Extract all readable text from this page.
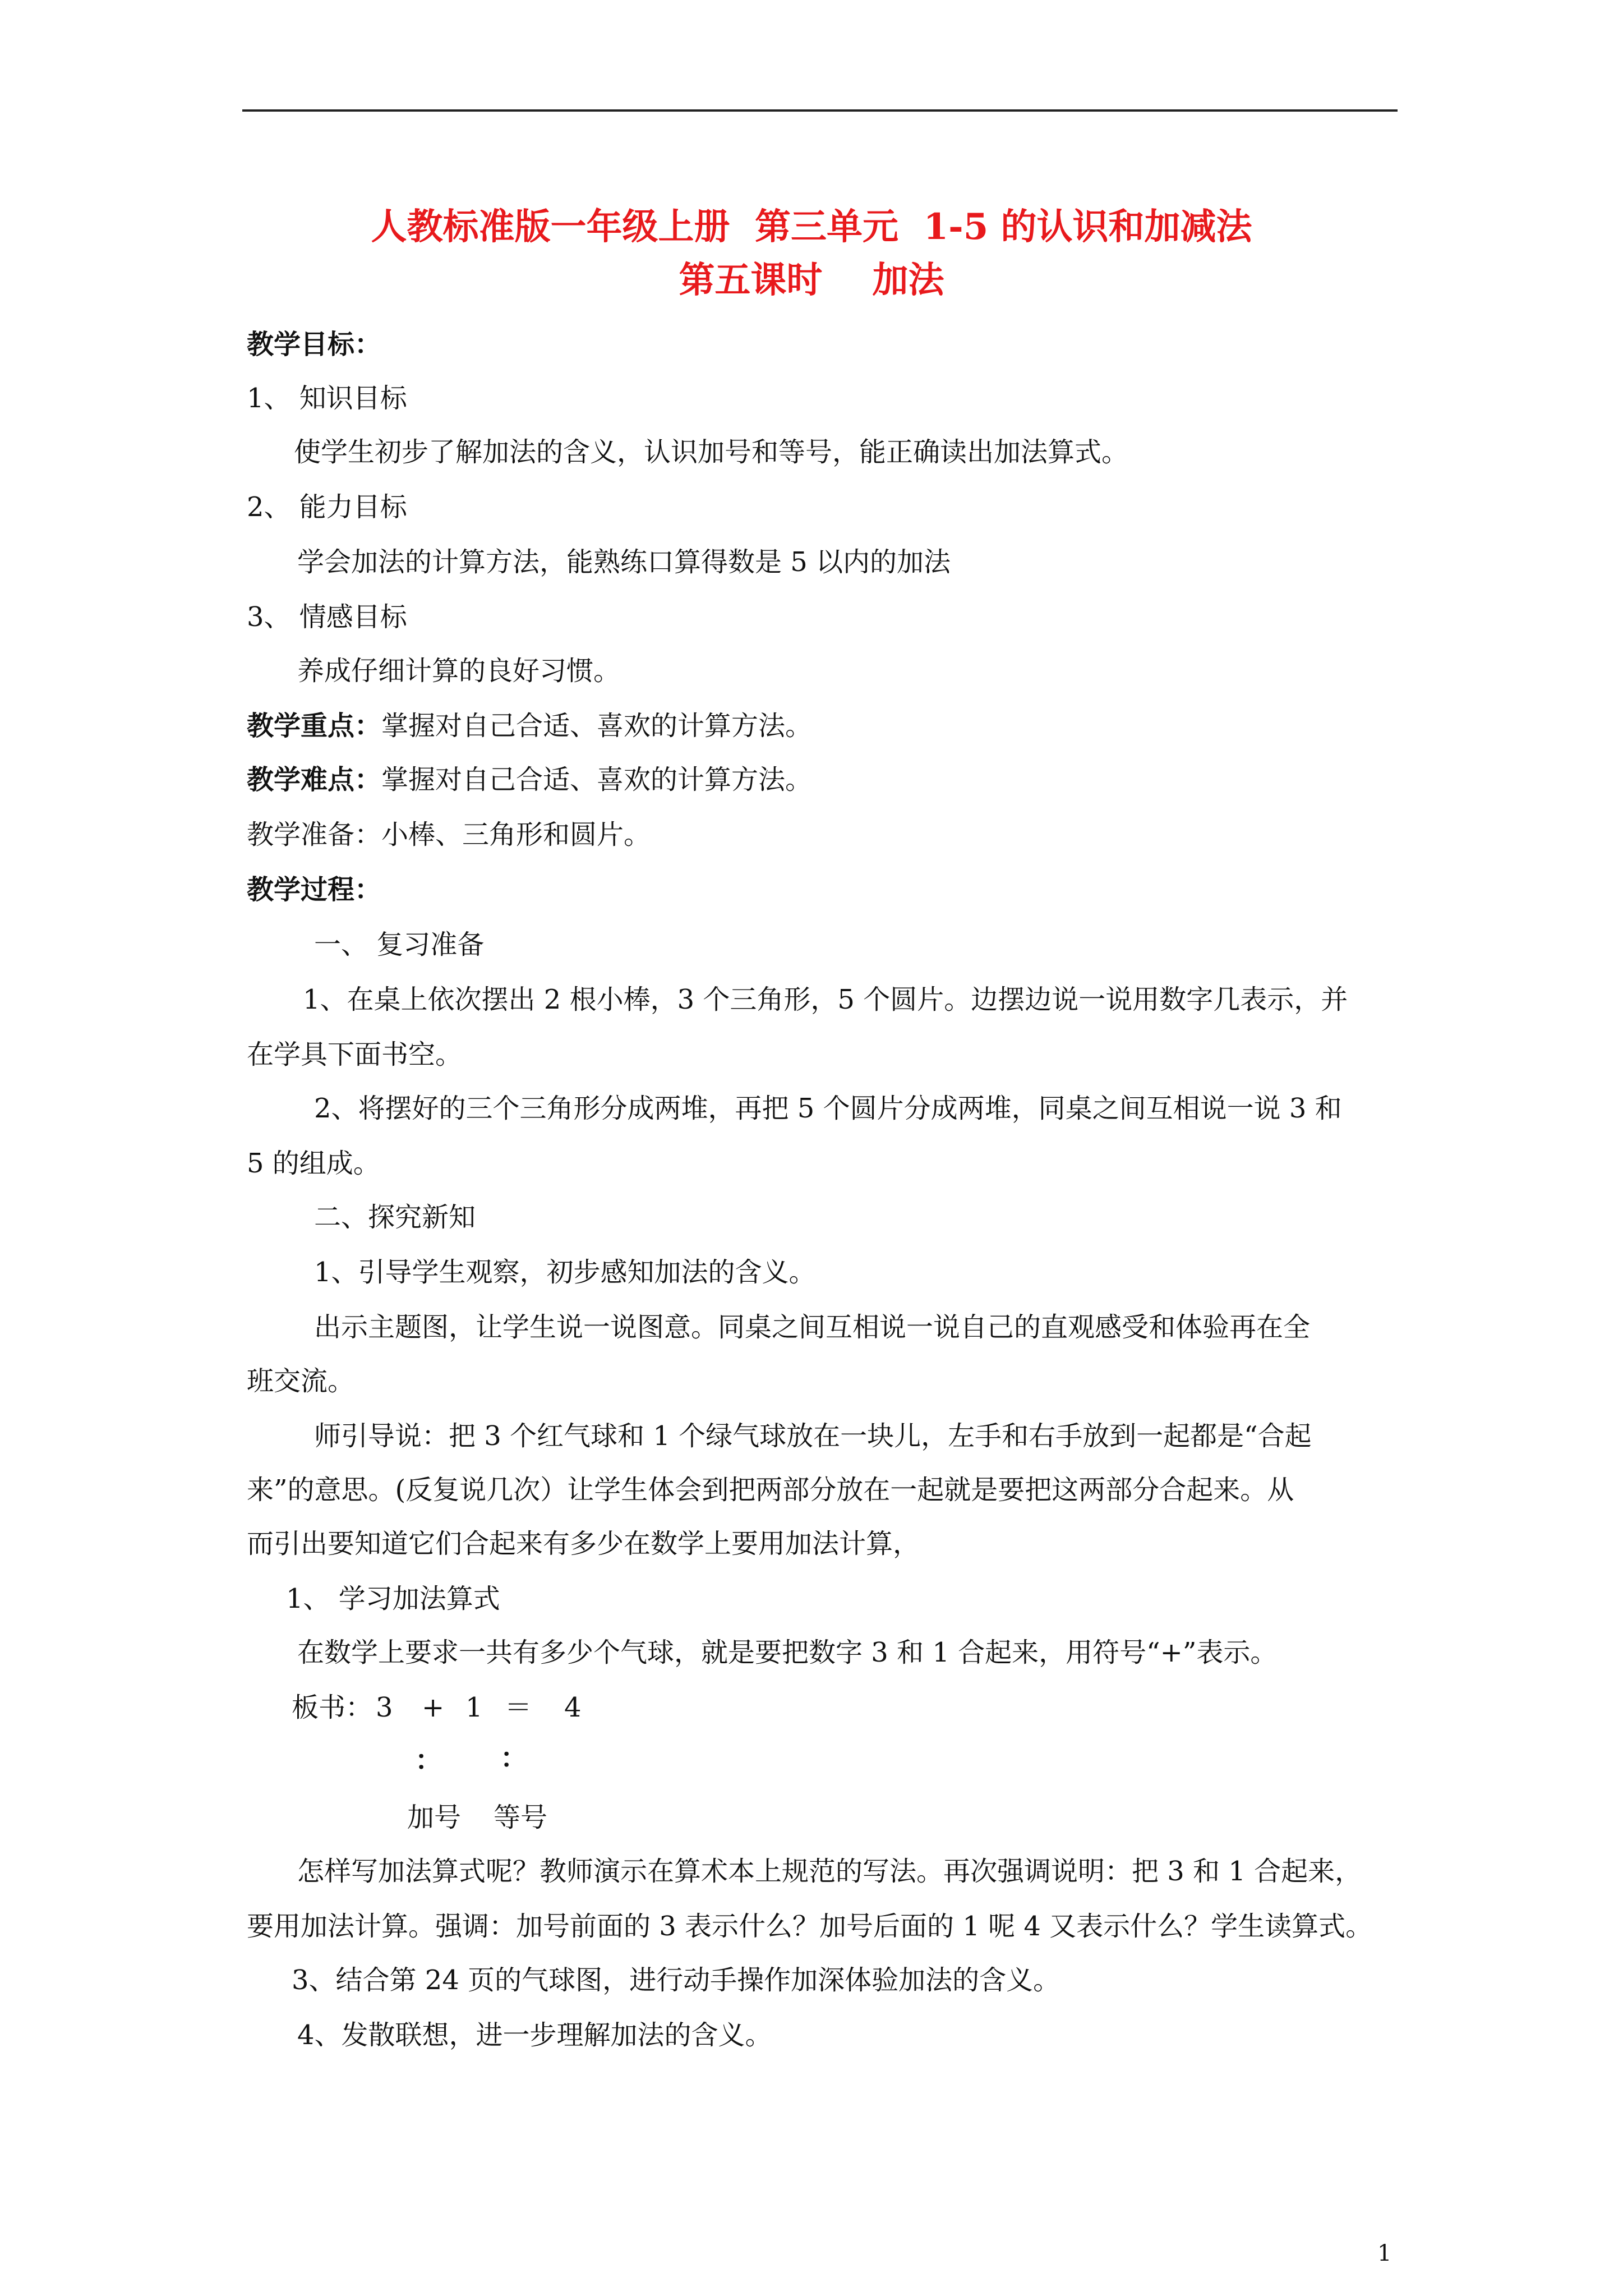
人教标准版一年级上册  第三单元  1-5 的认识和加减法
第五课时    加法
教学目标：
1、 知识目标
使学生初步了解加法的含义，认识加号和等号，能正确读出加法算式。
2、 能力目标
学会加法的计算方法，能熟练口算得数是 5 以内的加法
3、 情感目标
养成仔细计算的良好习惯。
教学重点：掌握对自己合适、喜欢的计算方法。
教学难点：掌握对自己合适、喜欢的计算方法。
教学准备：小棒、三角形和圆片。
教学过程：
一、 复习准备
1、在桌上依次摆出 2 根小棒，3 个三角形，5 个圆片。边摆边说一说用数字几表示，并
在学具下面书空。
2、将摆好的三个三角形分成两堆，再把 5 个圆片分成两堆，同桌之间互相说一说 3 和
5 的组成。
二、探究新知
1、引导学生观察，初步感知加法的含义。
出示主题图，让学生说一说图意。同桌之间互相说一说自己的直观感受和体验再在全
班交流。
师引导说：把 3 个红气球和 1 个绿气球放在一块儿，左手和右手放到一起都是“合起
来”的意思。(反复说几次）让学生体会到把两部分放在一起就是要把这两部分合起来。从
而引出要知道它们合起来有多少在数学上要用加法计算，
1、 学习加法算式
在数学上要求一共有多少个气球，就是要把数字 3 和 1 合起来，用符号“+”表示。
板书： 3 + 1 ＝ 4
： ：
加号 等号
怎样写加法算式呢？教师演示在算术本上规范的写法。再次强调说明：把 3 和 1 合起来，
要用加法计算。强调：加号前面的 3 表示什么？加号后面的 1 呢 4 又表示什么？学生读算式。
3、结合第 24 页的气球图，进行动手操作加深体验加法的含义。
4、发散联想，进一步理解加法的含义。
1
